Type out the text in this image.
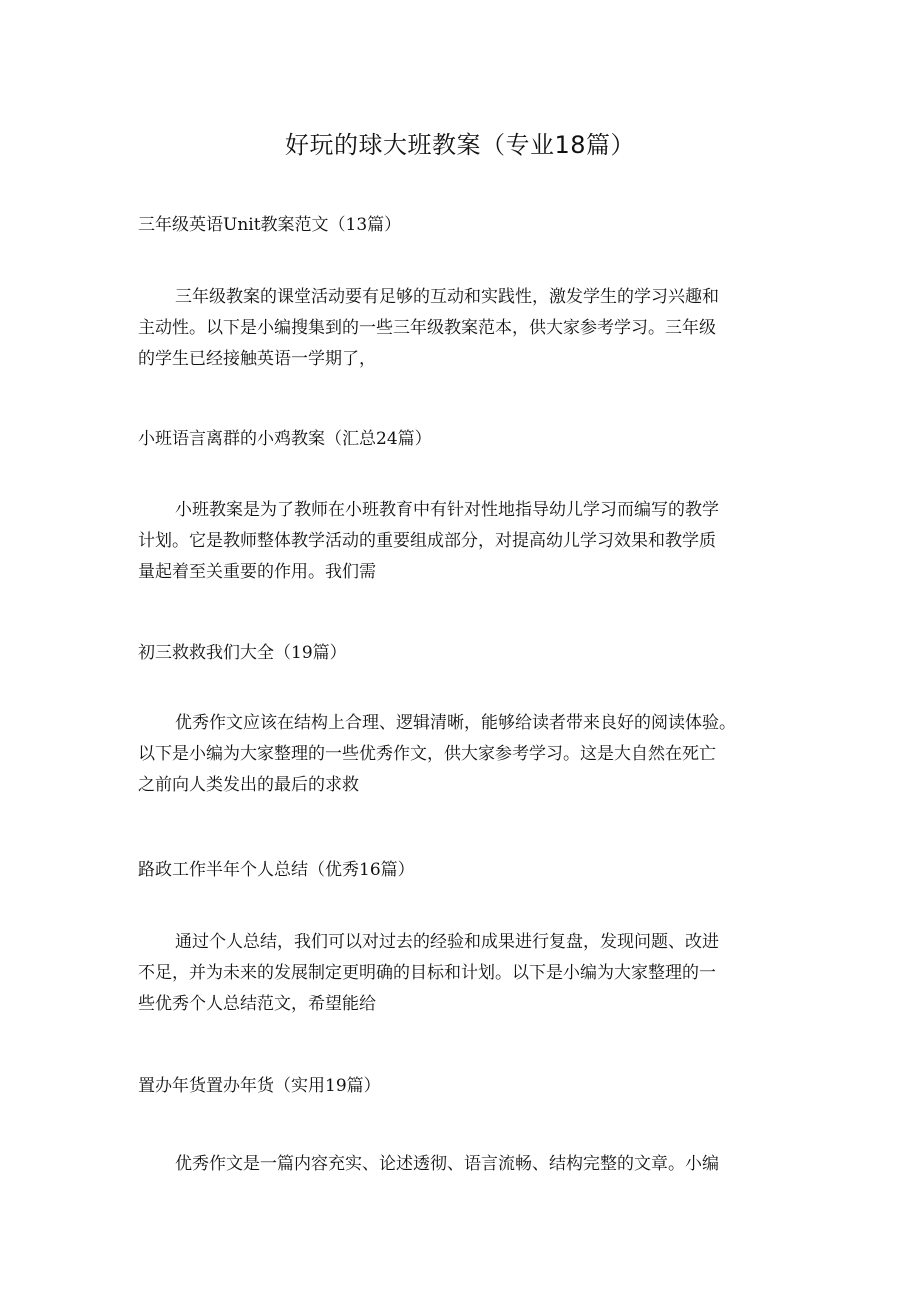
好玩的球大班教案（专业18篇）
三年级英语Unit教案范文（13篇）
三年级教案的课堂活动要有足够的互动和实践性，激发学生的学习兴趣和
主动性。以下是小编搜集到的一些三年级教案范本，供大家参考学习。三年级
的学生已经接触英语一学期了，
小班语言离群的小鸡教案（汇总24篇）
小班教案是为了教师在小班教育中有针对性地指导幼儿学习而编写的教学
计划。它是教师整体教学活动的重要组成部分，对提高幼儿学习效果和教学质
量起着至关重要的作用。我们需
初三救救我们大全（19篇）
优秀作文应该在结构上合理、逻辑清晰，能够给读者带来良好的阅读体验。
以下是小编为大家整理的一些优秀作文，供大家参考学习。这是大自然在死亡
之前向人类发出的最后的求救
路政工作半年个人总结（优秀16篇）
通过个人总结，我们可以对过去的经验和成果进行复盘，发现问题、改进
不足，并为未来的发展制定更明确的目标和计划。以下是小编为大家整理的一
些优秀个人总结范文，希望能给
置办年货置办年货（实用19篇）
优秀作文是一篇内容充实、论述透彻、语言流畅、结构完整的文章。小编
